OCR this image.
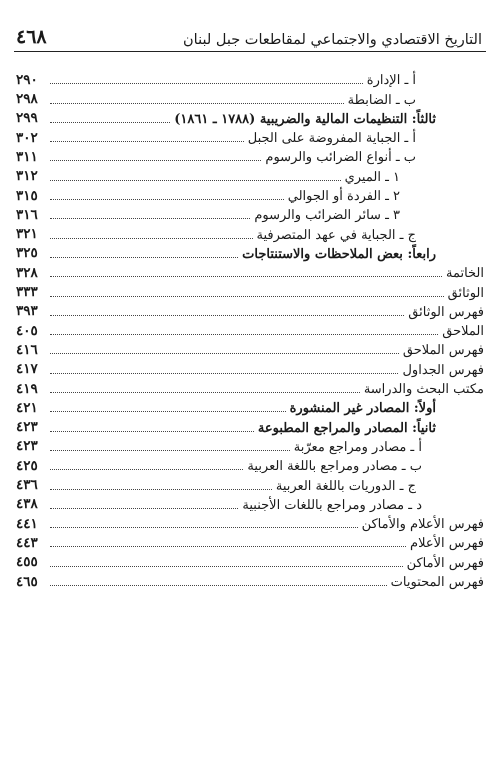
٤٦٨	التاريخ الاقتصادي والاجتماعي لمقاطعات جبل لبنان
أ ـ الإدارة
٢٩٠
ب ـ الضابطة
٢٩٨
ثالثاً: التنظيمات المالية والضريبية (١٧٨٨ ـ ١٨٦١)
٢٩٩
أ ـ الجباية المفروضة على الجبل
٣٠٢
ب ـ أنواع الضرائب والرسوم
٣١١
١ ـ الميري
٣١٢
٢ ـ الفردة أو الجوالي
٣١٥
٣ ـ سائر الضرائب والرسوم
٣١٦
ج ـ الجباية في عهد المتصرفية
٣٢١
رابعاً: بعض الملاحظات والاستنتاجات
٣٢٥
الخاتمة
٣٢٨
الوثائق
٣٣٣
فهرس الوثائق
٣٩٣
الملاحق
٤٠٥
فهرس الملاحق
٤١٦
فهرس الجداول
٤١٧
مكتب البحث والدراسة
٤١٩
أولاً: المصادر غير المنشورة
٤٢١
ثانياً: المصادر والمراجع المطبوعة
٤٢٣
أ ـ مصادر ومراجع معرّبة
٤٢٣
ب ـ مصادر ومراجع باللغة العربية
٤٢٥
ج ـ الدوريات باللغة العربية
٤٣٦
د ـ مصادر ومراجع باللغات الأجنبية
٤٣٨
فهرس الأعلام والأماكن
٤٤١
فهرس الأعلام
٤٤٣
فهرس الأماكن
٤٥٥
فهرس المحتويات
٤٦٥
